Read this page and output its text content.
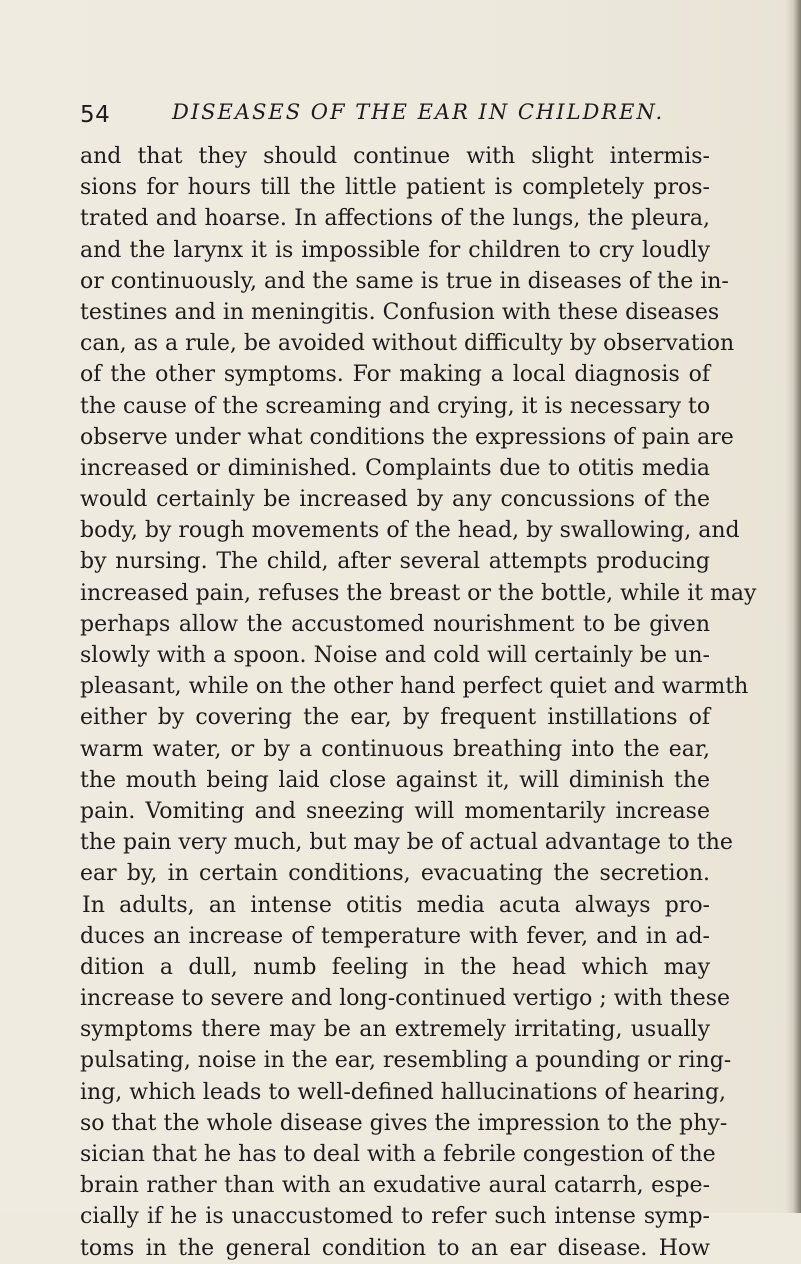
54	DISEASES OF THE EAR IN CHILDREN.
and that they should continue with slight intermis-
sions for hours till the little patient is completely pros-
trated and hoarse. In affections of the lungs, the pleura,
and the larynx it is impossible for children to cry loudly
or continuously, and the same is true in diseases of the in-
testines and in meningitis. Confusion with these diseases
can, as a rule, be avoided without difficulty by observation
of the other symptoms. For making a local diagnosis of
the cause of the screaming and crying, it is necessary to
observe under what conditions the expressions of pain are
increased or diminished. Complaints due to otitis media
would certainly be increased by any concussions of the
body, by rough movements of the head, by swallowing, and
by nursing. The child, after several attempts producing
increased pain, refuses the breast or the bottle, while it may
perhaps allow the accustomed nourishment to be given
slowly with a spoon. Noise and cold will certainly be un-
pleasant, while on the other hand perfect quiet and warmth
either by covering the ear, by frequent instillations of
warm water, or by a continuous breathing into the ear,
the mouth being laid close against it, will diminish the
pain. Vomiting and sneezing will momentarily increase
the pain very much, but may be of actual advantage to the
ear by, in certain conditions, evacuating the secretion.
In adults, an intense otitis media acuta always pro-
duces an increase of temperature with fever, and in ad-
dition a dull, numb feeling in the head which may
increase to severe and long-continued vertigo ; with these
symptoms there may be an extremely irritating, usually
pulsating, noise in the ear, resembling a pounding or ring-
ing, which leads to well-defined hallucinations of hearing,
so that the whole disease gives the impression to the phy-
sician that he has to deal with a febrile congestion of the
brain rather than with an exudative aural catarrh, espe-
cially if he is unaccustomed to refer such intense symp-
toms in the general condition to an ear disease. How
